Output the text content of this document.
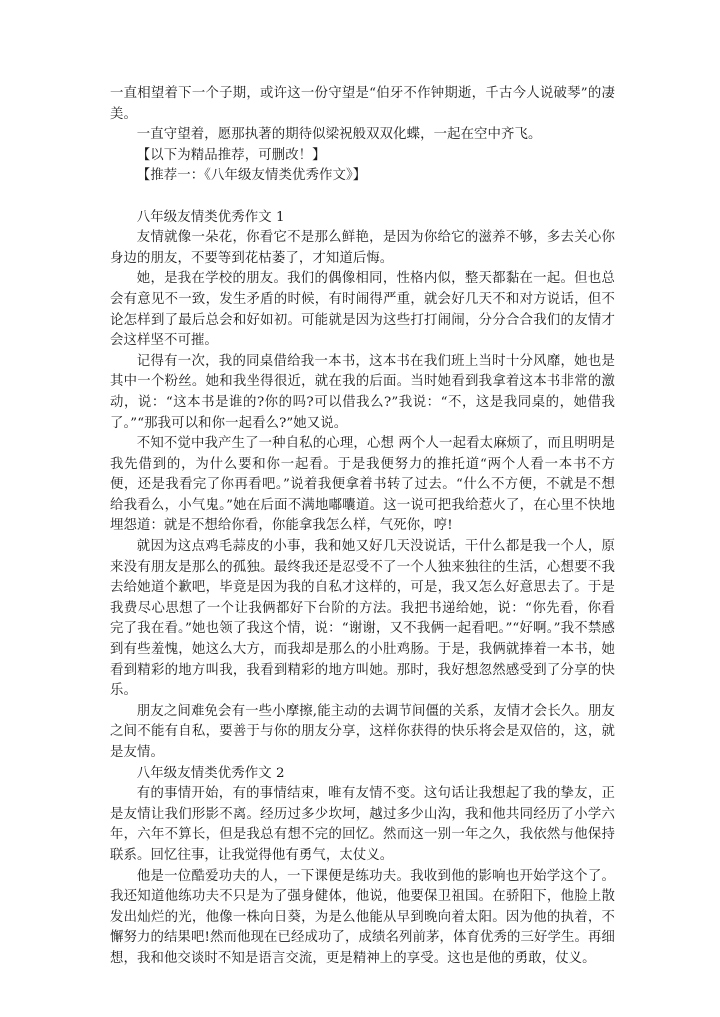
一直相望着下一个子期，或许这一份守望是“伯牙不作钟期逝，千古今人说破琴”的凄美。

一直守望着，愿那执著的期待似梁祝般双双化蝶，一起在空中齐飞。

【以下为精品推荐，可删改！】

【推荐一：《八年级友情类优秀作文》】

八年级友情类优秀作文 1

友情就像一朵花，你看它不是那么鲜艳，是因为你给它的滋养不够，多去关心你身边的朋友，不要等到花枯萎了，才知道后悔。

她，是我在学校的朋友。我们的偶像相同，性格内似，整天都黏在一起。但也总会有意见不一致，发生矛盾的时候，有时闹得严重，就会好几天不和对方说话，但不论怎样到了最后总会和好如初。可能就是因为这些打打闹闹，分分合合我们的友情才会这样坚不可摧。

记得有一次，我的同桌借给我一本书，这本书在我们班上当时十分风靡，她也是其中一个粉丝。她和我坐得很近，就在我的后面。当时她看到我拿着这本书非常的激动，说：“这本书是谁的?你的吗?可以借我么?”我说：“不，这是我同桌的，她借我了。”“那我可以和你一起看么?”她又说。

不知不觉中我产生了一种自私的心理，心想 两个人一起看太麻烦了，而且明明是我先借到的，为什么要和你一起看。于是我便努力的推托道“两个人看一本书不方便，还是我看完了你再看吧。”说着我便拿着书转了过去。“什么不方便，不就是不想给我看么，小气鬼。”她在后面不满地嘟囔道。这一说可把我给惹火了，在心里不快地埋怨道：就是不想给你看，你能拿我怎么样，气死你，哼!

就因为这点鸡毛蒜皮的小事，我和她又好几天没说话，干什么都是我一个人，原来没有朋友是那么的孤独。最终我还是忍受不了一个人独来独往的生活，心想要不我去给她道个歉吧，毕竟是因为我的自私才这样的，可是，我又怎么好意思去了。于是我费尽心思想了一个让我俩都好下台阶的方法。我把书递给她，说：“你先看，你看完了我在看。”她也领了我这个情，说：“谢谢，又不我俩一起看吧。”“好啊。”我不禁感到有些羞愧，她这么大方，而我却是那么的小肚鸡肠。于是，我俩就捧着一本书，她看到精彩的地方叫我，我看到精彩的地方叫她。那时，我好想忽然感受到了分享的快乐。

朋友之间难免会有一些小摩擦,能主动的去调节间僵的关系，友情才会长久。朋友之间不能有自私，要善于与你的朋友分享，这样你获得的快乐将会是双倍的，这，就是友情。

八年级友情类优秀作文 2

有的事情开始，有的事情结束，唯有友情不变。这句话让我想起了我的挚友，正是友情让我们形影不离。经历过多少坎坷，越过多少山沟，我和他共同经历了小学六年，六年不算长，但是我总有想不完的回忆。然而这一别一年之久，我依然与他保持联系。回忆往事，让我觉得他有勇气，太仗义。

他是一位酷爱功夫的人，一下课便是练功夫。我收到他的影响也开始学这个了。我还知道他练功夫不只是为了强身健体，他说，他要保卫祖国。在骄阳下，他脸上散发出灿烂的光，他像一株向日葵，为是么他能从早到晚向着太阳。因为他的执着，不懈努力的结果吧!然而他现在已经成功了，成绩名列前茅，体育优秀的三好学生。再细想，我和他交谈时不知是语言交流，更是精神上的享受。这也是他的勇敢，仗义。
